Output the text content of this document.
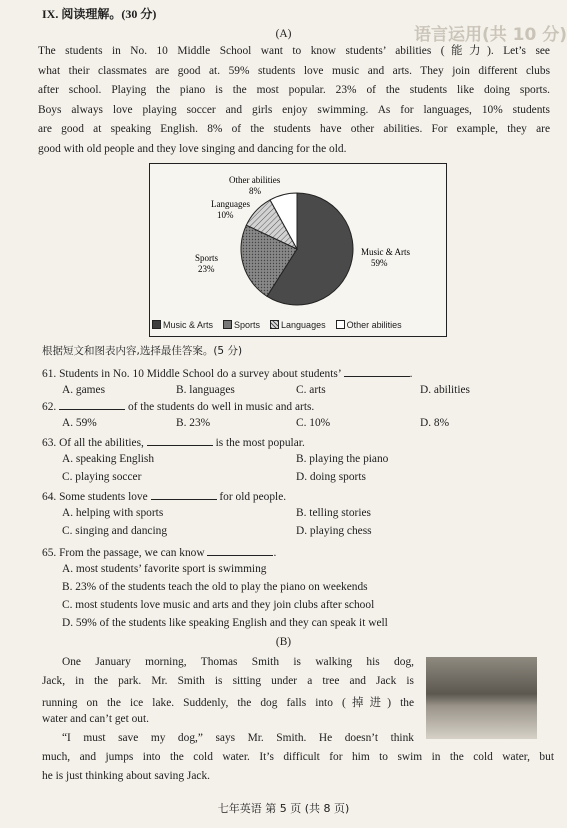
语言运用(共 10 分)
IX. 阅读理解。(30 分)
(A)
The students in No. 10 Middle School want to know students’ abilities (能力). Let’s see
what their classmates are good at. 59% students love music and arts. They join different clubs
after school. Playing the piano is the most popular. 23% of the students like doing sports.
Boys always love playing soccer and girls enjoy swimming. As for languages, 10% students
are good at speaking English. 8% of the students have other abilities. For example, they are
good with old people and they love singing and dancing for the old.
Music & Arts
59%
Sports
23%
Languages
10%
Other abilities
8%
Music & Arts	Sports	Languages	Other abilities
根据短文和图表内容,选择最佳答案。(5 分)
61. Students in No. 10 Middle School do a survey about students’	.
A. games	B. languages	C. arts	D. abilities
62.	of the students do well in music and arts.
A. 59%	B. 23%	C. 10%	D. 8%
63. Of all the abilities,	is the most popular.
A. speaking English	B. playing the piano
C. playing soccer	D. doing sports
64. Some students love	for old people.
A. helping with sports	B. telling stories
C. singing and dancing	D. playing chess
65. From the passage, we can know	.
A. most students’ favorite sport is swimming
B. 23% of the students teach the old to play the piano on weekends
C. most students love music and arts and they join clubs after school
D. 59% of the students like speaking English and they can speak it well
(B)
One January morning, Thomas Smith is walking his dog,
Jack, in the park. Mr. Smith is sitting under a tree and Jack is
running on the ice lake. Suddenly, the dog falls into (掉进) the
water and can’t get out.
“I must save my dog,” says Mr. Smith. He doesn’t think
much, and jumps into the cold water. It’s difficult for him to swim in the cold water, but
he is just thinking about saving Jack.
七年英语 第 5 页 (共 8 页)
